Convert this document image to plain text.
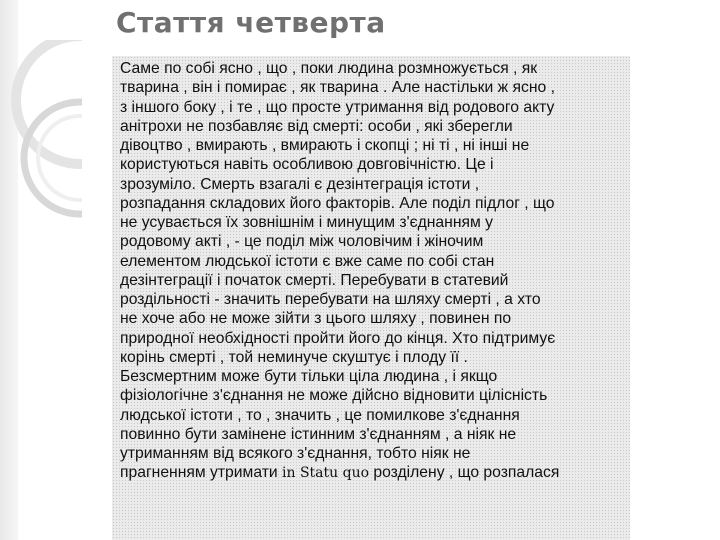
Стаття четверта

Саме по собі ясно , що , поки людина розмножується , як
тварина , він і помирає , як тварина . Але настільки ж ясно ,
з іншого боку , і те , що просте утримання від родового акту
анітрохи не позбавляє від смерті: особи , які зберегли
дівоцтво , вмирають , вмирають і скопці ; ні ті , ні інші не
користуються навіть особливою довговічністю. Це і
зрозуміло. Смерть взагалі є дезінтеграція істоти ,
розпадання складових його факторів. Але поділ підлог , що
не усувається їх зовнішнім і минущим з'єднанням у
родовому акті , - це поділ між чоловічим і жіночим
елементом людської істоти є вже саме по собі стан
дезінтеграції і початок смерті. Перебувати в статевий
роздільності - значить перебувати на шляху смерті , а хто
не хоче або не може зійти з цього шляху , повинен по
природної необхідності пройти його до кінця. Хто підтримує
корінь смерті , той неминуче скуштує і плоду її .
Безсмертним може бути тільки ціла людина , і якщо
фізіологічне з'єднання не може дійсно відновити цілісність
людської істоти , то , значить , це помилкове з'єднання
повинно бути замінене істинним з'єднанням , а ніяк не
утриманням від всякого з'єднання, тобто ніяк не
прагненням утримати in Statu quo розділену , що розпалася
